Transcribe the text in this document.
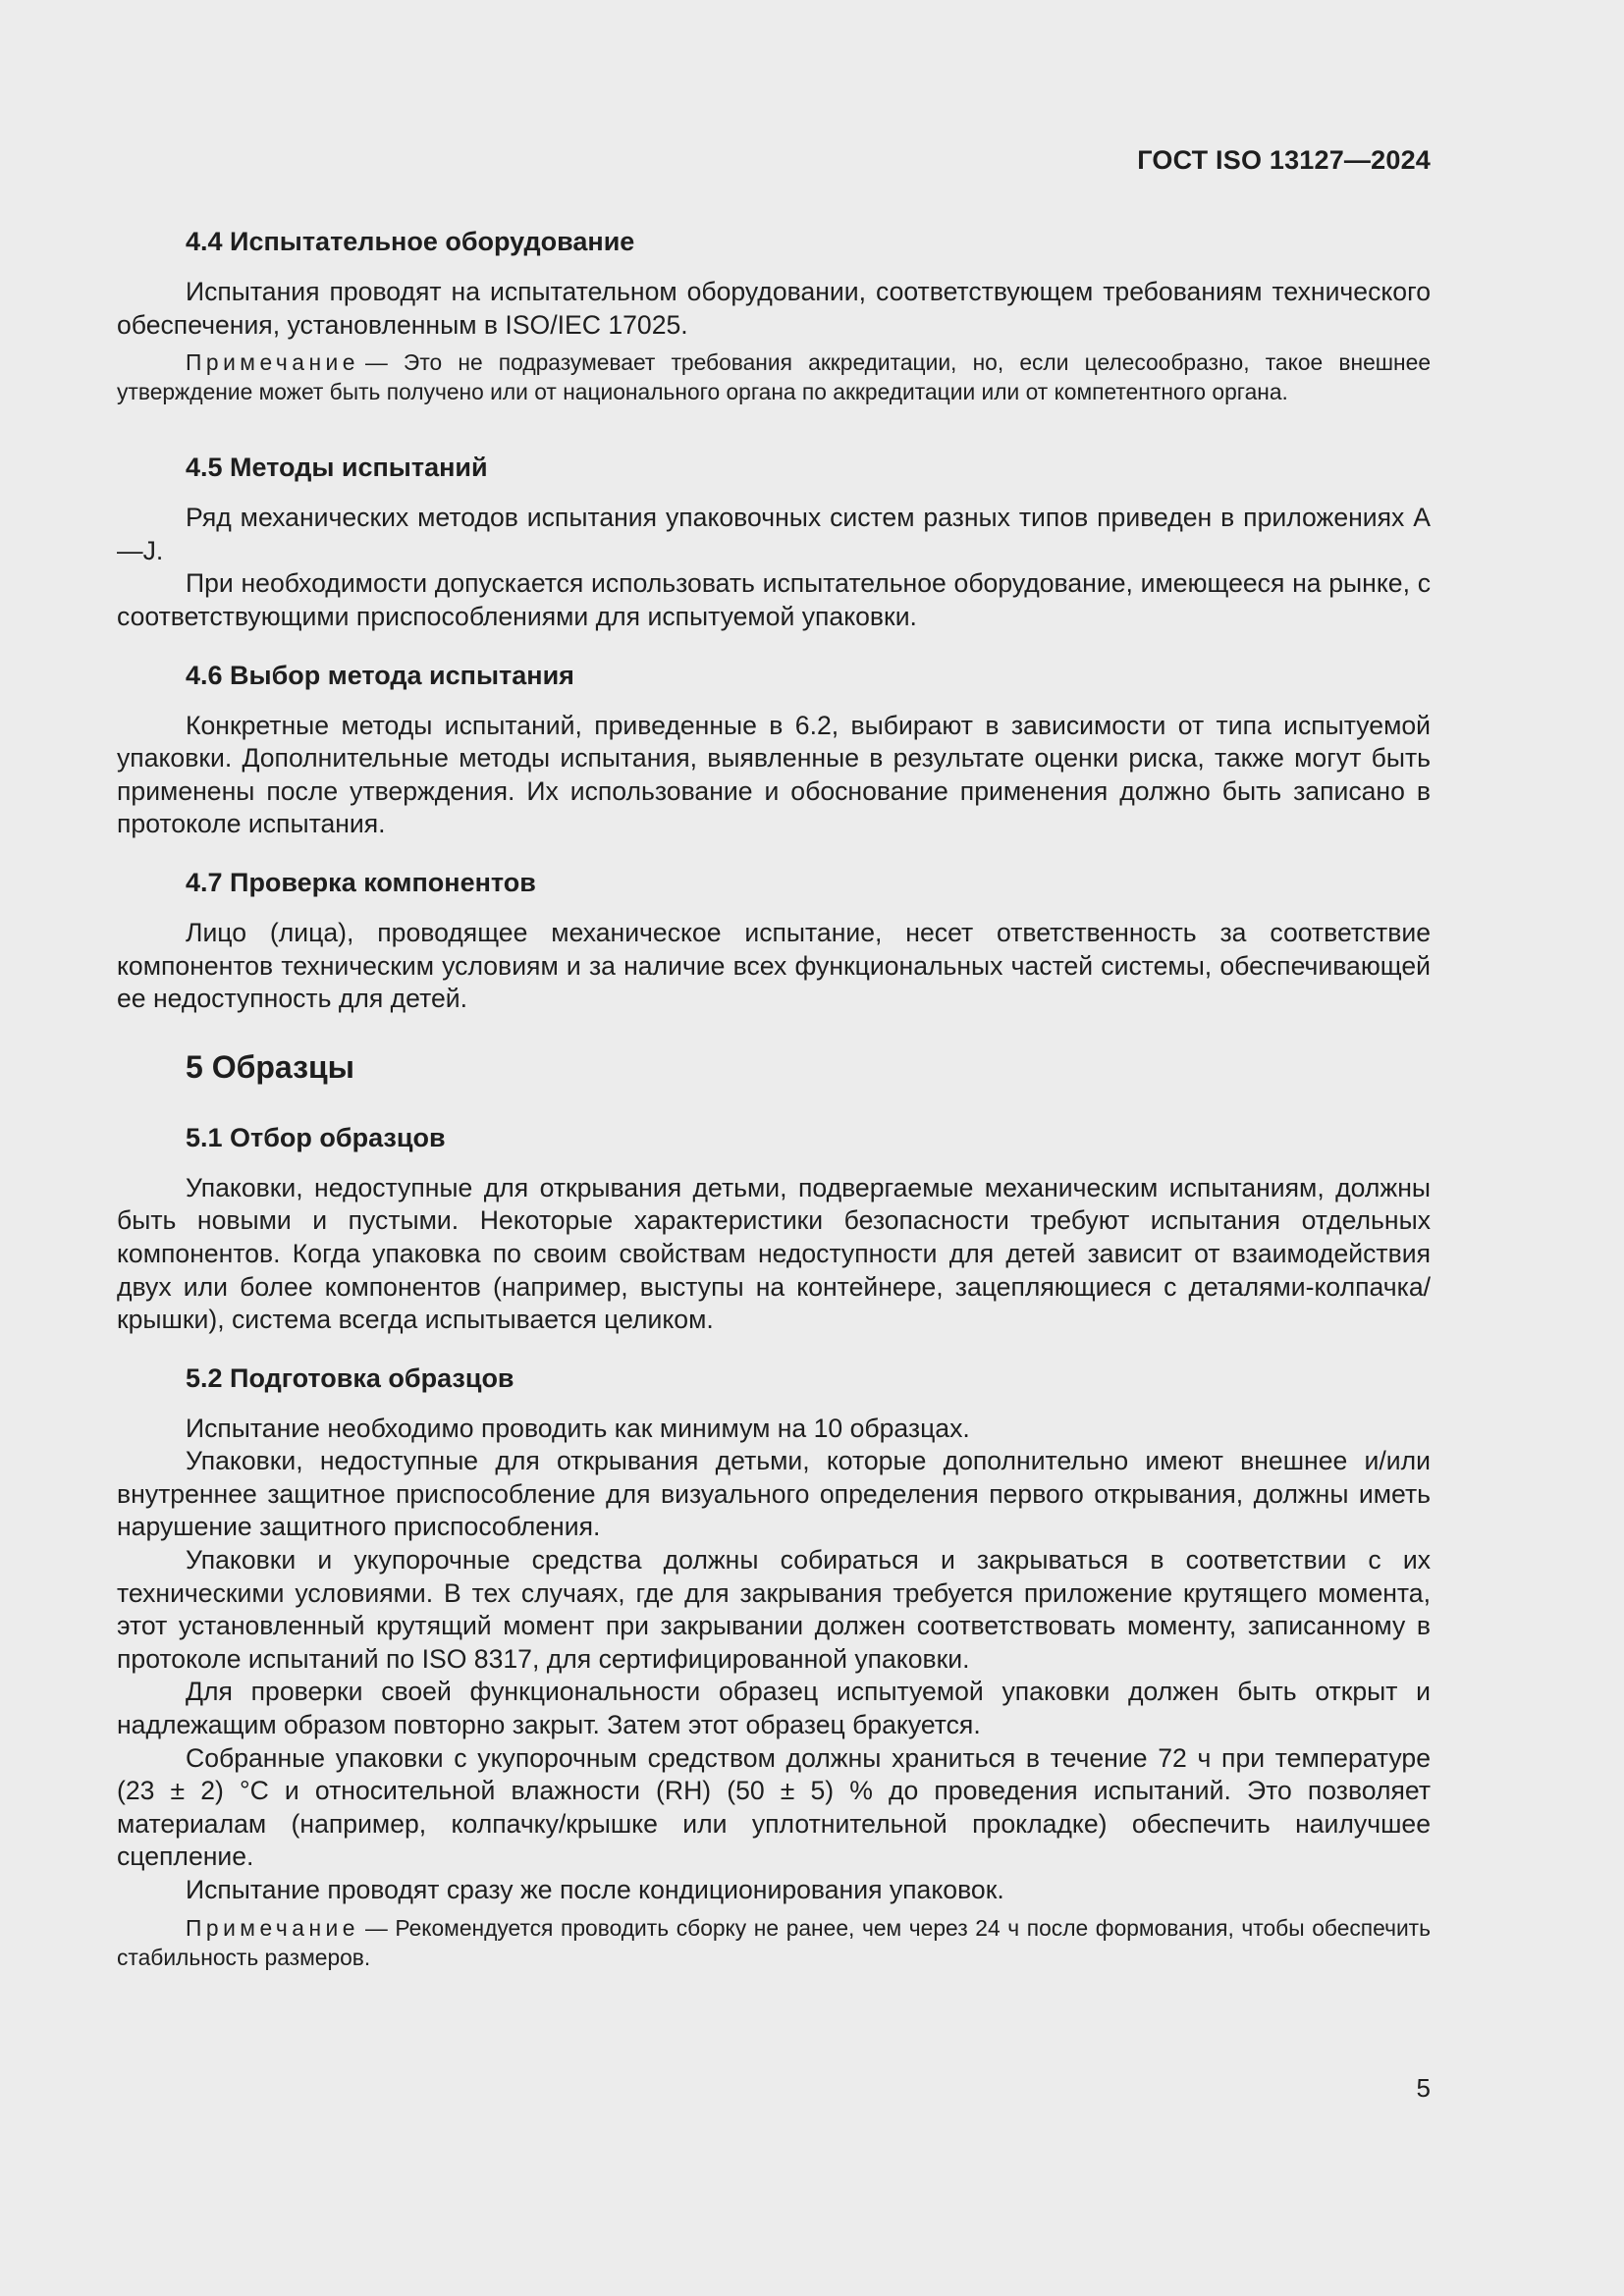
ГОСТ ISO 13127—2024
4.4 Испытательное оборудование

Испытания проводят на испытательном оборудовании, соответствующем требованиям техничеcкого обеспечения, установленным в ISO/IEC 17025.

Примечание — Это не подразумевает требования аккредитации, но, если целесообразно, такое внешнее утверждение может быть получено или от национального органа по аккредитации или от компетентного органа.

4.5 Методы испытаний

Ряд механических методов испытания упаковочных систем разных типов приведен в приложениях A—J.

При необходимости допускается использовать испытательное оборудование, имеющееся на рынке, с соответствующими приспособлениями для испытуемой упаковки.

4.6 Выбор метода испытания

Конкретные методы испытаний, приведенные в 6.2, выбирают в зависимости от типа испытуемой упаковки. Дополнительные методы испытания, выявленные в результате оценки риска, также могут быть применены после утверждения. Их использование и обоснование применения должно быть записано в протоколе испытания.

4.7 Проверка компонентов

Лицо (лица), проводящее механическое испытание, несет ответственность за соответствие компонентов техническим условиям и за наличие всех функциональных частей системы, обеспечивающей ее недоступность для детей.

5 Образцы
5.1 Отбор образцов

Упаковки, недоступные для открывания детьми, подвергаемые механическим испытаниям, должны быть новыми и пустыми. Некоторые характеристики безопасности требуют испытания отдельных компонентов. Когда упаковка по своим свойствам недоступности для детей зависит от взаимодействия двух или более компонентов (например, выступы на контейнере, зацепляющиеся с деталями-колпачка/крышки), система всегда испытывается целиком.

5.2 Подготовка образцов

Испытание необходимо проводить как минимум на 10 образцах.

Упаковки, недоступные для открывания детьми, которые дополнительно имеют внешнее и/или внутреннее защитное приспособление для визуального определения первого открывания, должны иметь нарушение защитного приспособления.

Упаковки и укупорочные средства должны собираться и закрываться в соответствии с их техническими условиями. В тех случаях, где для закрывания требуется приложение крутящего момента, этот установленный крутящий момент при закрывании должен соответствовать моменту, записанному в протоколе испытаний по ISO 8317, для сертифицированной упаковки.

Для проверки своей функциональности образец испытуемой упаковки должен быть открыт и надлежащим образом повторно закрыт. Затем этот образец бракуется.

Собранные упаковки с укупорочным средством должны храниться в течение 72 ч при температуре (23 ± 2) °C и относительной влажности (RH) (50 ± 5) % до проведения испытаний. Это позволяет материалам (например, колпачку/крышке или уплотнительной прокладке) обеспечить наилучшее сцепление.

Испытание проводят сразу же после кондиционирования упаковок.

Примечание — Рекомендуется проводить сборку не ранее, чем через 24 ч после формования, чтобы обеспечить стабильность размеров.

5
